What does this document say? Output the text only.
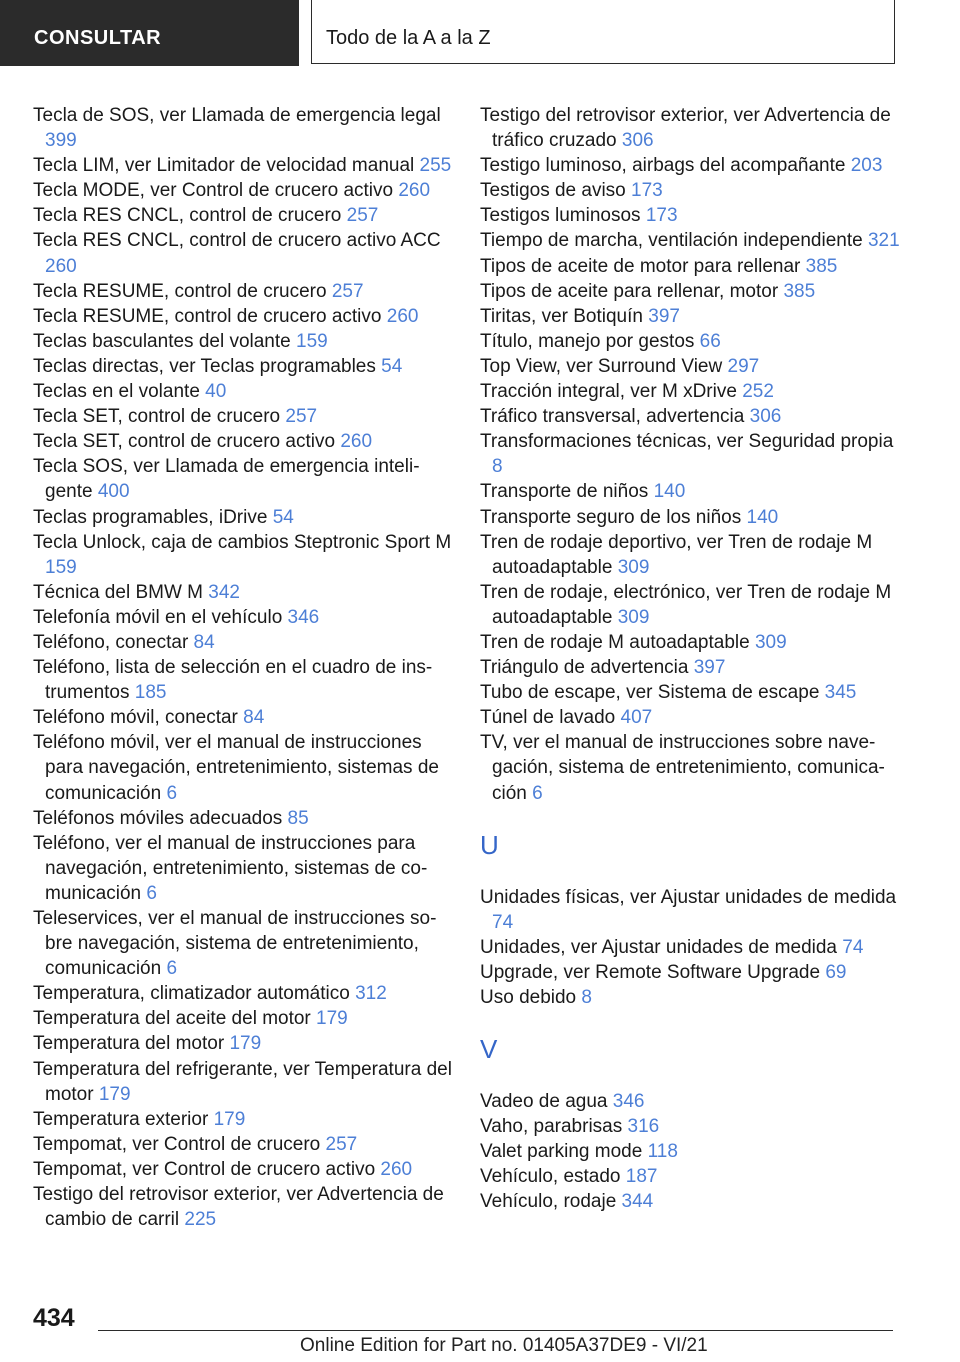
CONSULTAR	Todo de la A a la Z
Tecla de SOS, ver Llamada de emergencia legal 399
Tecla LIM, ver Limitador de velocidad manual 255
Tecla MODE, ver Control de crucero activo 260
Tecla RES CNCL, control de crucero 257
Tecla RES CNCL, control de crucero activo ACC 260
Tecla RESUME, control de crucero 257
Tecla RESUME, control de crucero activo 260
Teclas basculantes del volante 159
Teclas directas, ver Teclas programables 54
Teclas en el volante 40
Tecla SET, control de crucero 257
Tecla SET, control de crucero activo 260
Tecla SOS, ver Llamada de emergencia inteligente 400
Teclas programables, iDrive 54
Tecla Unlock, caja de cambios Steptronic Sport M 159
Técnica del BMW M 342
Telefonía móvil en el vehículo 346
Teléfono, conectar 84
Teléfono, lista de selección en el cuadro de instrumentos 185
Teléfono móvil, conectar 84
Teléfono móvil, ver el manual de instrucciones para navegación, entretenimiento, sistemas de comunicación 6
Teléfonos móviles adecuados 85
Teléfono, ver el manual de instrucciones para navegación, entretenimiento, sistemas de comunicación 6
Teleservices, ver el manual de instrucciones sobre navegación, sistema de entretenimiento, comunicación 6
Temperatura, climatizador automático 312
Temperatura del aceite del motor 179
Temperatura del motor 179
Temperatura del refrigerante, ver Temperatura del motor 179
Temperatura exterior 179
Tempomat, ver Control de crucero 257
Tempomat, ver Control de crucero activo 260
Testigo del retrovisor exterior, ver Advertencia de cambio de carril 225
Testigo del retrovisor exterior, ver Advertencia de tráfico cruzado 306
Testigo luminoso, airbags del acompañante 203
Testigos de aviso 173
Testigos luminosos 173
Tiempo de marcha, ventilación independiente 321
Tipos de aceite de motor para rellenar 385
Tipos de aceite para rellenar, motor 385
Tiritas, ver Botiquín 397
Título, manejo por gestos 66
Top View, ver Surround View 297
Tracción integral, ver M xDrive 252
Tráfico transversal, advertencia 306
Transformaciones técnicas, ver Seguridad propia 8
Transporte de niños 140
Transporte seguro de los niños 140
Tren de rodaje deportivo, ver Tren de rodaje M autoadaptable 309
Tren de rodaje, electrónico, ver Tren de rodaje M autoadaptable 309
Tren de rodaje M autoadaptable 309
Triángulo de advertencia 397
Tubo de escape, ver Sistema de escape 345
Túnel de lavado 407
TV, ver el manual de instrucciones sobre navegación, sistema de entretenimiento, comunicación 6
U
Unidades físicas, ver Ajustar unidades de medida 74
Unidades, ver Ajustar unidades de medida 74
Upgrade, ver Remote Software Upgrade 69
Uso debido 8
V
Vadeo de agua 346
Vaho, parabrisas 316
Valet parking mode 118
Vehículo, estado 187
Vehículo, rodaje 344
434
Online Edition for Part no. 01405A37DE9 - VI/21
